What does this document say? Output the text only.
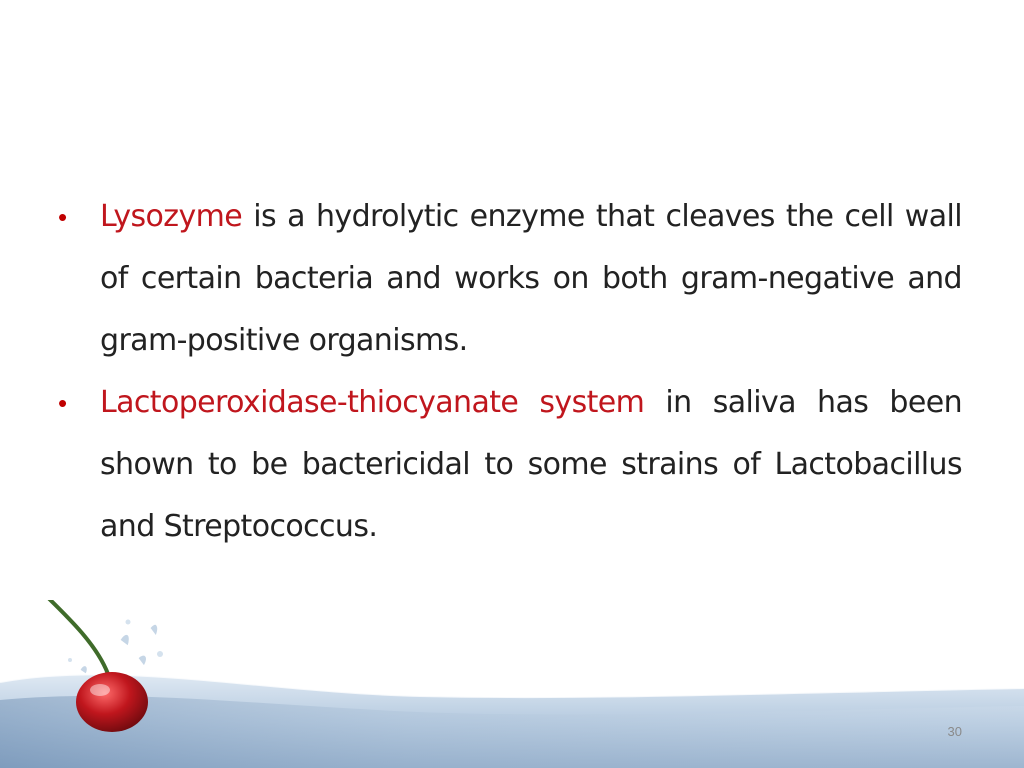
• Lysozyme is a hydrolytic enzyme that cleaves the cell wall of certain bacteria and works on both gram-negative and gram-positive organisms.
• Lactoperoxidase-thiocyanate system in saliva has been shown to be bactericidal to some strains of Lactobacillus and Streptococcus.
30
